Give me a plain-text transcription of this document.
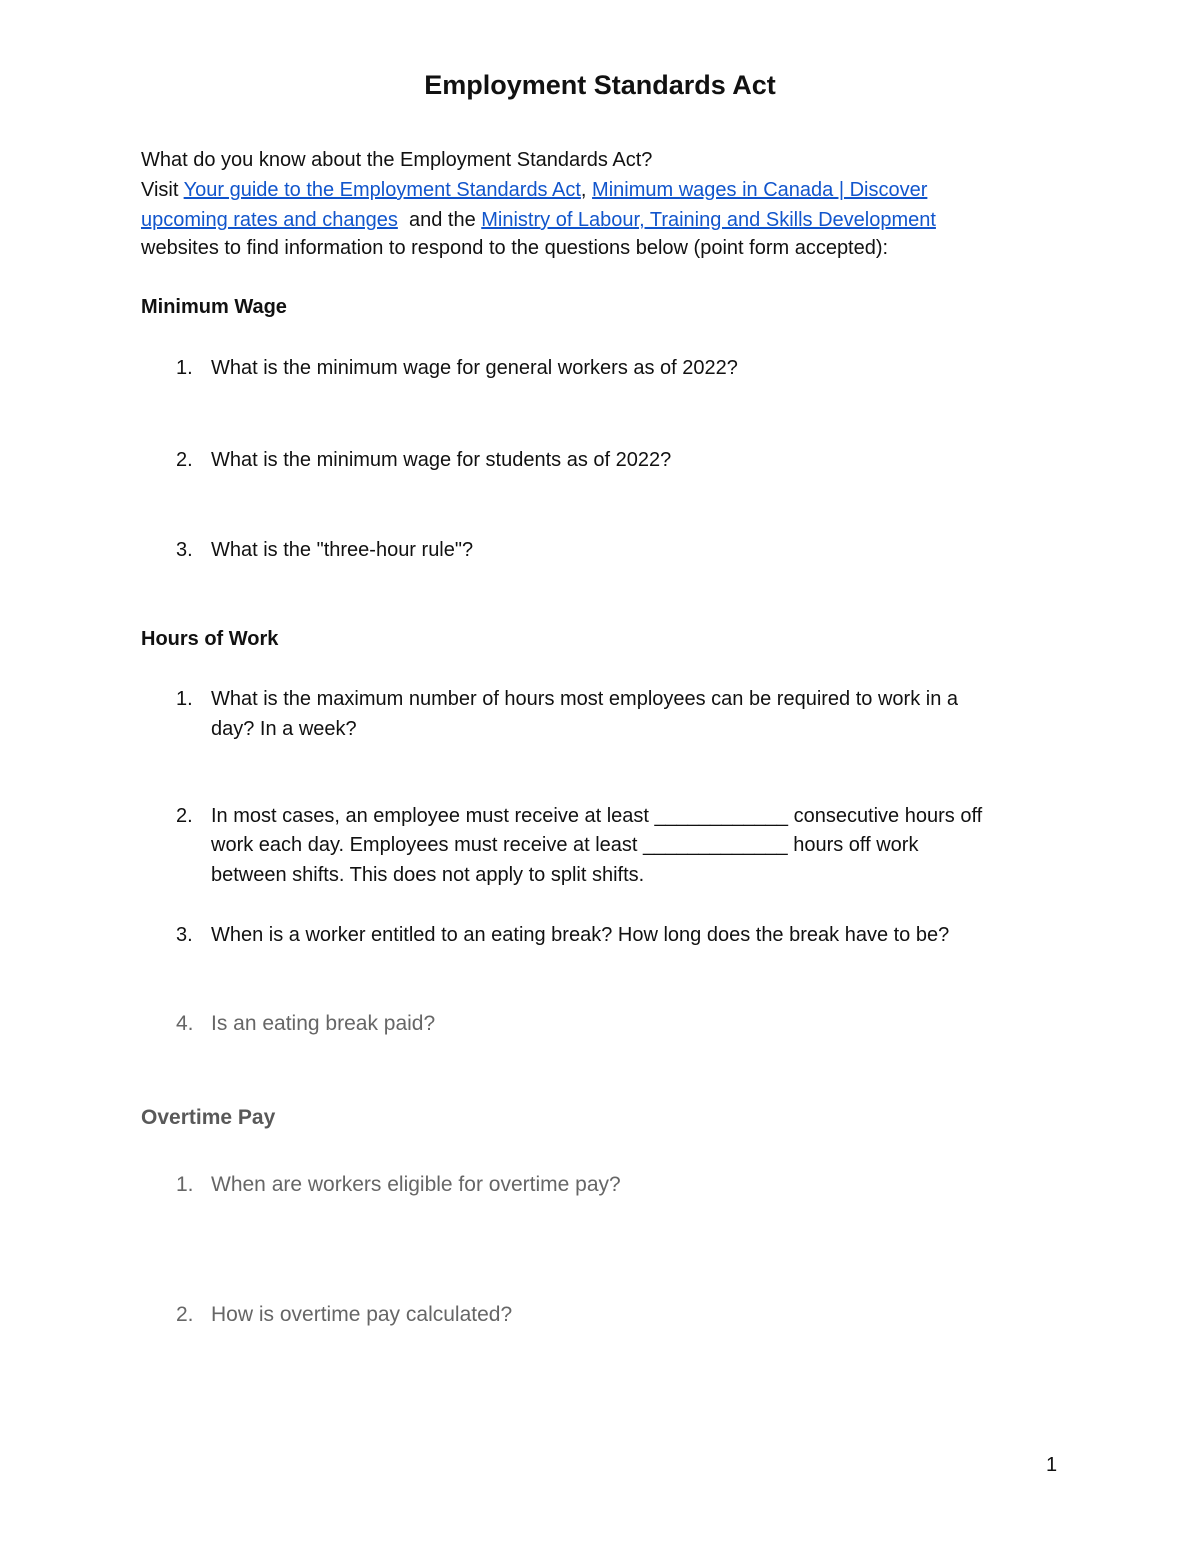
Employment Standards Act
What do you know about the Employment Standards Act?
Visit Your guide to the Employment Standards Act, Minimum wages in Canada | Discover
upcoming rates and changes  and the Ministry of Labour, Training and Skills Development
websites to find information to respond to the questions below (point form accepted):
Minimum Wage
1. What is the minimum wage for general workers as of 2022?
2. What is the minimum wage for students as of 2022?
3. What is the "three-hour rule"?
Hours of Work
1. What is the maximum number of hours most employees can be required to work in a
day? In a week?
2. In most cases, an employee must receive at least ____________ consecutive hours off
work each day. Employees must receive at least _____________ hours off work
between shifts. This does not apply to split shifts.
3. When is a worker entitled to an eating break? How long does the break have to be?
4. Is an eating break paid?
Overtime Pay
1. When are workers eligible for overtime pay?
2. How is overtime pay calculated?
1
